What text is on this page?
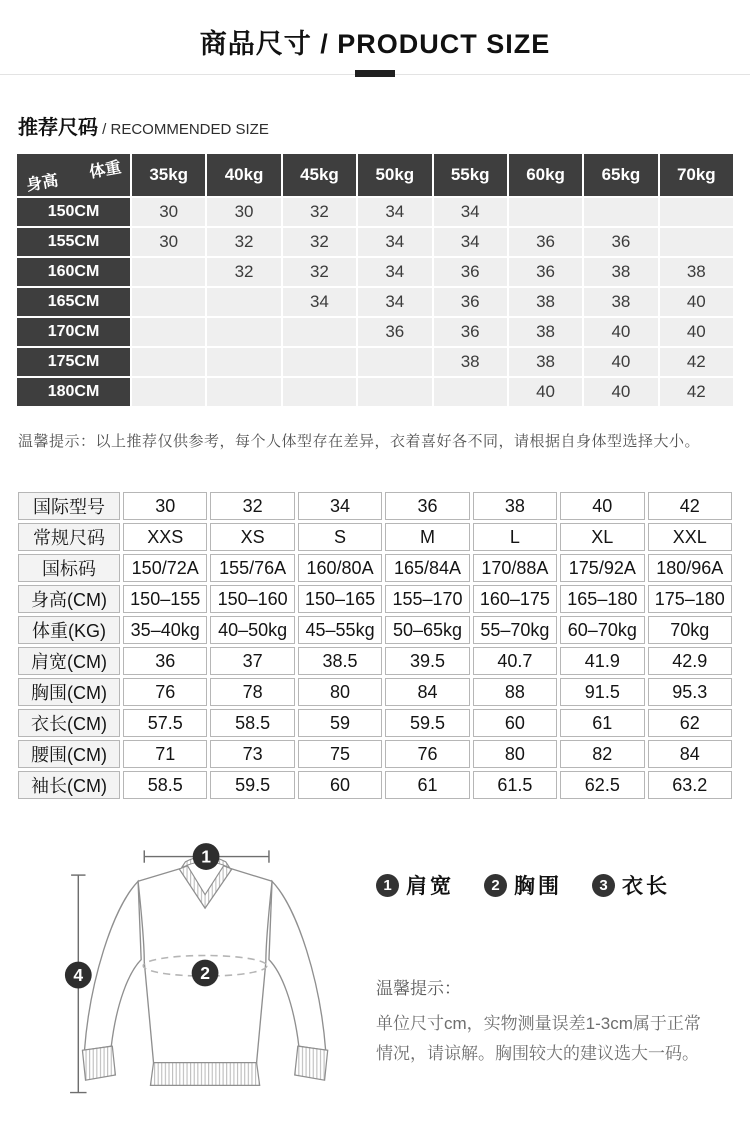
商品尺寸 / PRODUCT SIZE
推荐尺码 / RECOMMENDED SIZE
体重
身高	35kg	40kg	45kg	50kg	55kg	60kg	65kg	70kg
150CM	30	30	32	34	34			
155CM	30	32	32	34	34	36	36	
160CM		32	32	34	36	36	38	38
165CM			34	34	36	38	38	40
170CM				36	36	38	40	40
175CM					38	38	40	42
180CM						40	40	42

温馨提示：以上推荐仅供参考，每个人体型存在差异，衣着喜好各不同，请根据自身体型选择大小。

国际型号	30	32	34	36	38	40	42
常规尺码	XXS	XS	S	M	L	XL	XXL
国标码	150/72A	155/76A	160/80A	165/84A	170/88A	175/92A	180/96A
身高(CM)	150–155	150–160	150–165	155–170	160–175	165–180	175–180
体重(KG)	35–40kg	40–50kg	45–55kg	50–65kg	55–70kg	60–70kg	70kg
肩宽(CM)	36	37	38.5	39.5	40.7	41.9	42.9
胸围(CM)	76	78	80	84	88	91.5	95.3
衣长(CM)	57.5	58.5	59	59.5	60	61	62
腰围(CM)	71	73	75	76	80	82	84
袖长(CM)	58.5	59.5	60	61	61.5	62.5	63.2
1
2
4
1 肩宽	2 胸围	3 衣长

温馨提示：

单位尺寸cm，实物测量误差1-3cm属于正常

情况，请谅解。胸围较大的建议选大一码。
